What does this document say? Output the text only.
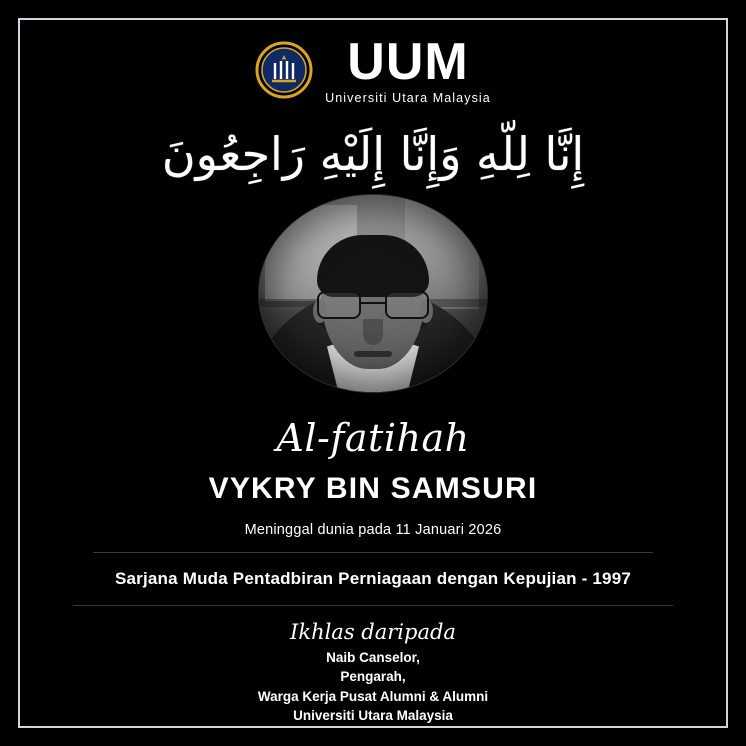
UUM
Universiti Utara Malaysia
إِنَّا لِلّهِ وَإِنَّا إِلَيْهِ رَاجِعُونَ
Al-fatihah
VYKRY BIN SAMSURI
Meninggal dunia pada 11 Januari 2026
Sarjana Muda Pentadbiran Perniagaan dengan Kepujian - 1997
Ikhlas daripada
Naib Canselor,
Pengarah,
Warga Kerja Pusat Alumni & Alumni
Universiti Utara Malaysia
